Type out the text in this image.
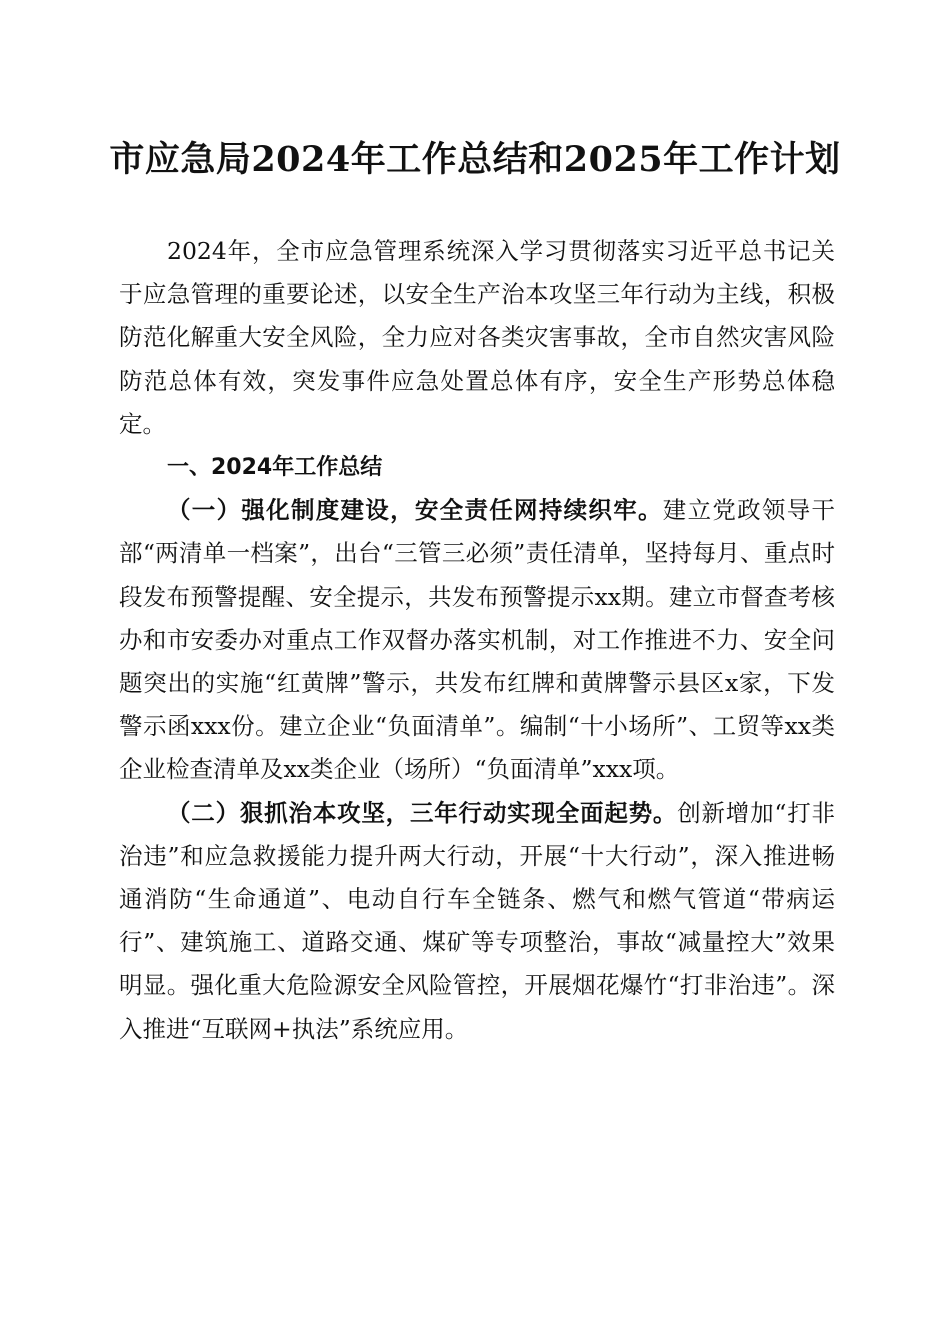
市应急局2024年工作总结和2025年工作计划

2024年，全市应急管理系统深入学习贯彻落实习近平总书记关于应急管理的重要论述，以安全生产治本攻坚三年行动为主线，积极防范化解重大安全风险，全力应对各类灾害事故，全市自然灾害风险防范总体有效，突发事件应急处置总体有序，安全生产形势总体稳定。

一、2024年工作总结

（一）强化制度建设，安全责任网持续织牢。建立党政领导干部“两清单一档案”，出台“三管三必须”责任清单，坚持每月、重点时段发布预警提醒、安全提示，共发布预警提示xx期。建立市督查考核办和市安委办对重点工作双督办落实机制，对工作推进不力、安全问题突出的实施“红黄牌”警示，共发布红牌和黄牌警示县区x家，下发警示函xxx份。建立企业“负面清单”。编制“十小场所”、工贸等xx类企业检查清单及xx类企业（场所）“负面清单”xxx项。

（二）狠抓治本攻坚，三年行动实现全面起势。创新增加“打非治违”和应急救援能力提升两大行动，开展“十大行动”，深入推进畅通消防“生命通道”、电动自行车全链条、燃气和燃气管道“带病运行”、建筑施工、道路交通、煤矿等专项整治，事故“减量控大”效果明显。强化重大危险源安全风险管控，开展烟花爆竹“打非治违”。深入推进“互联网+执法”系统应用。
